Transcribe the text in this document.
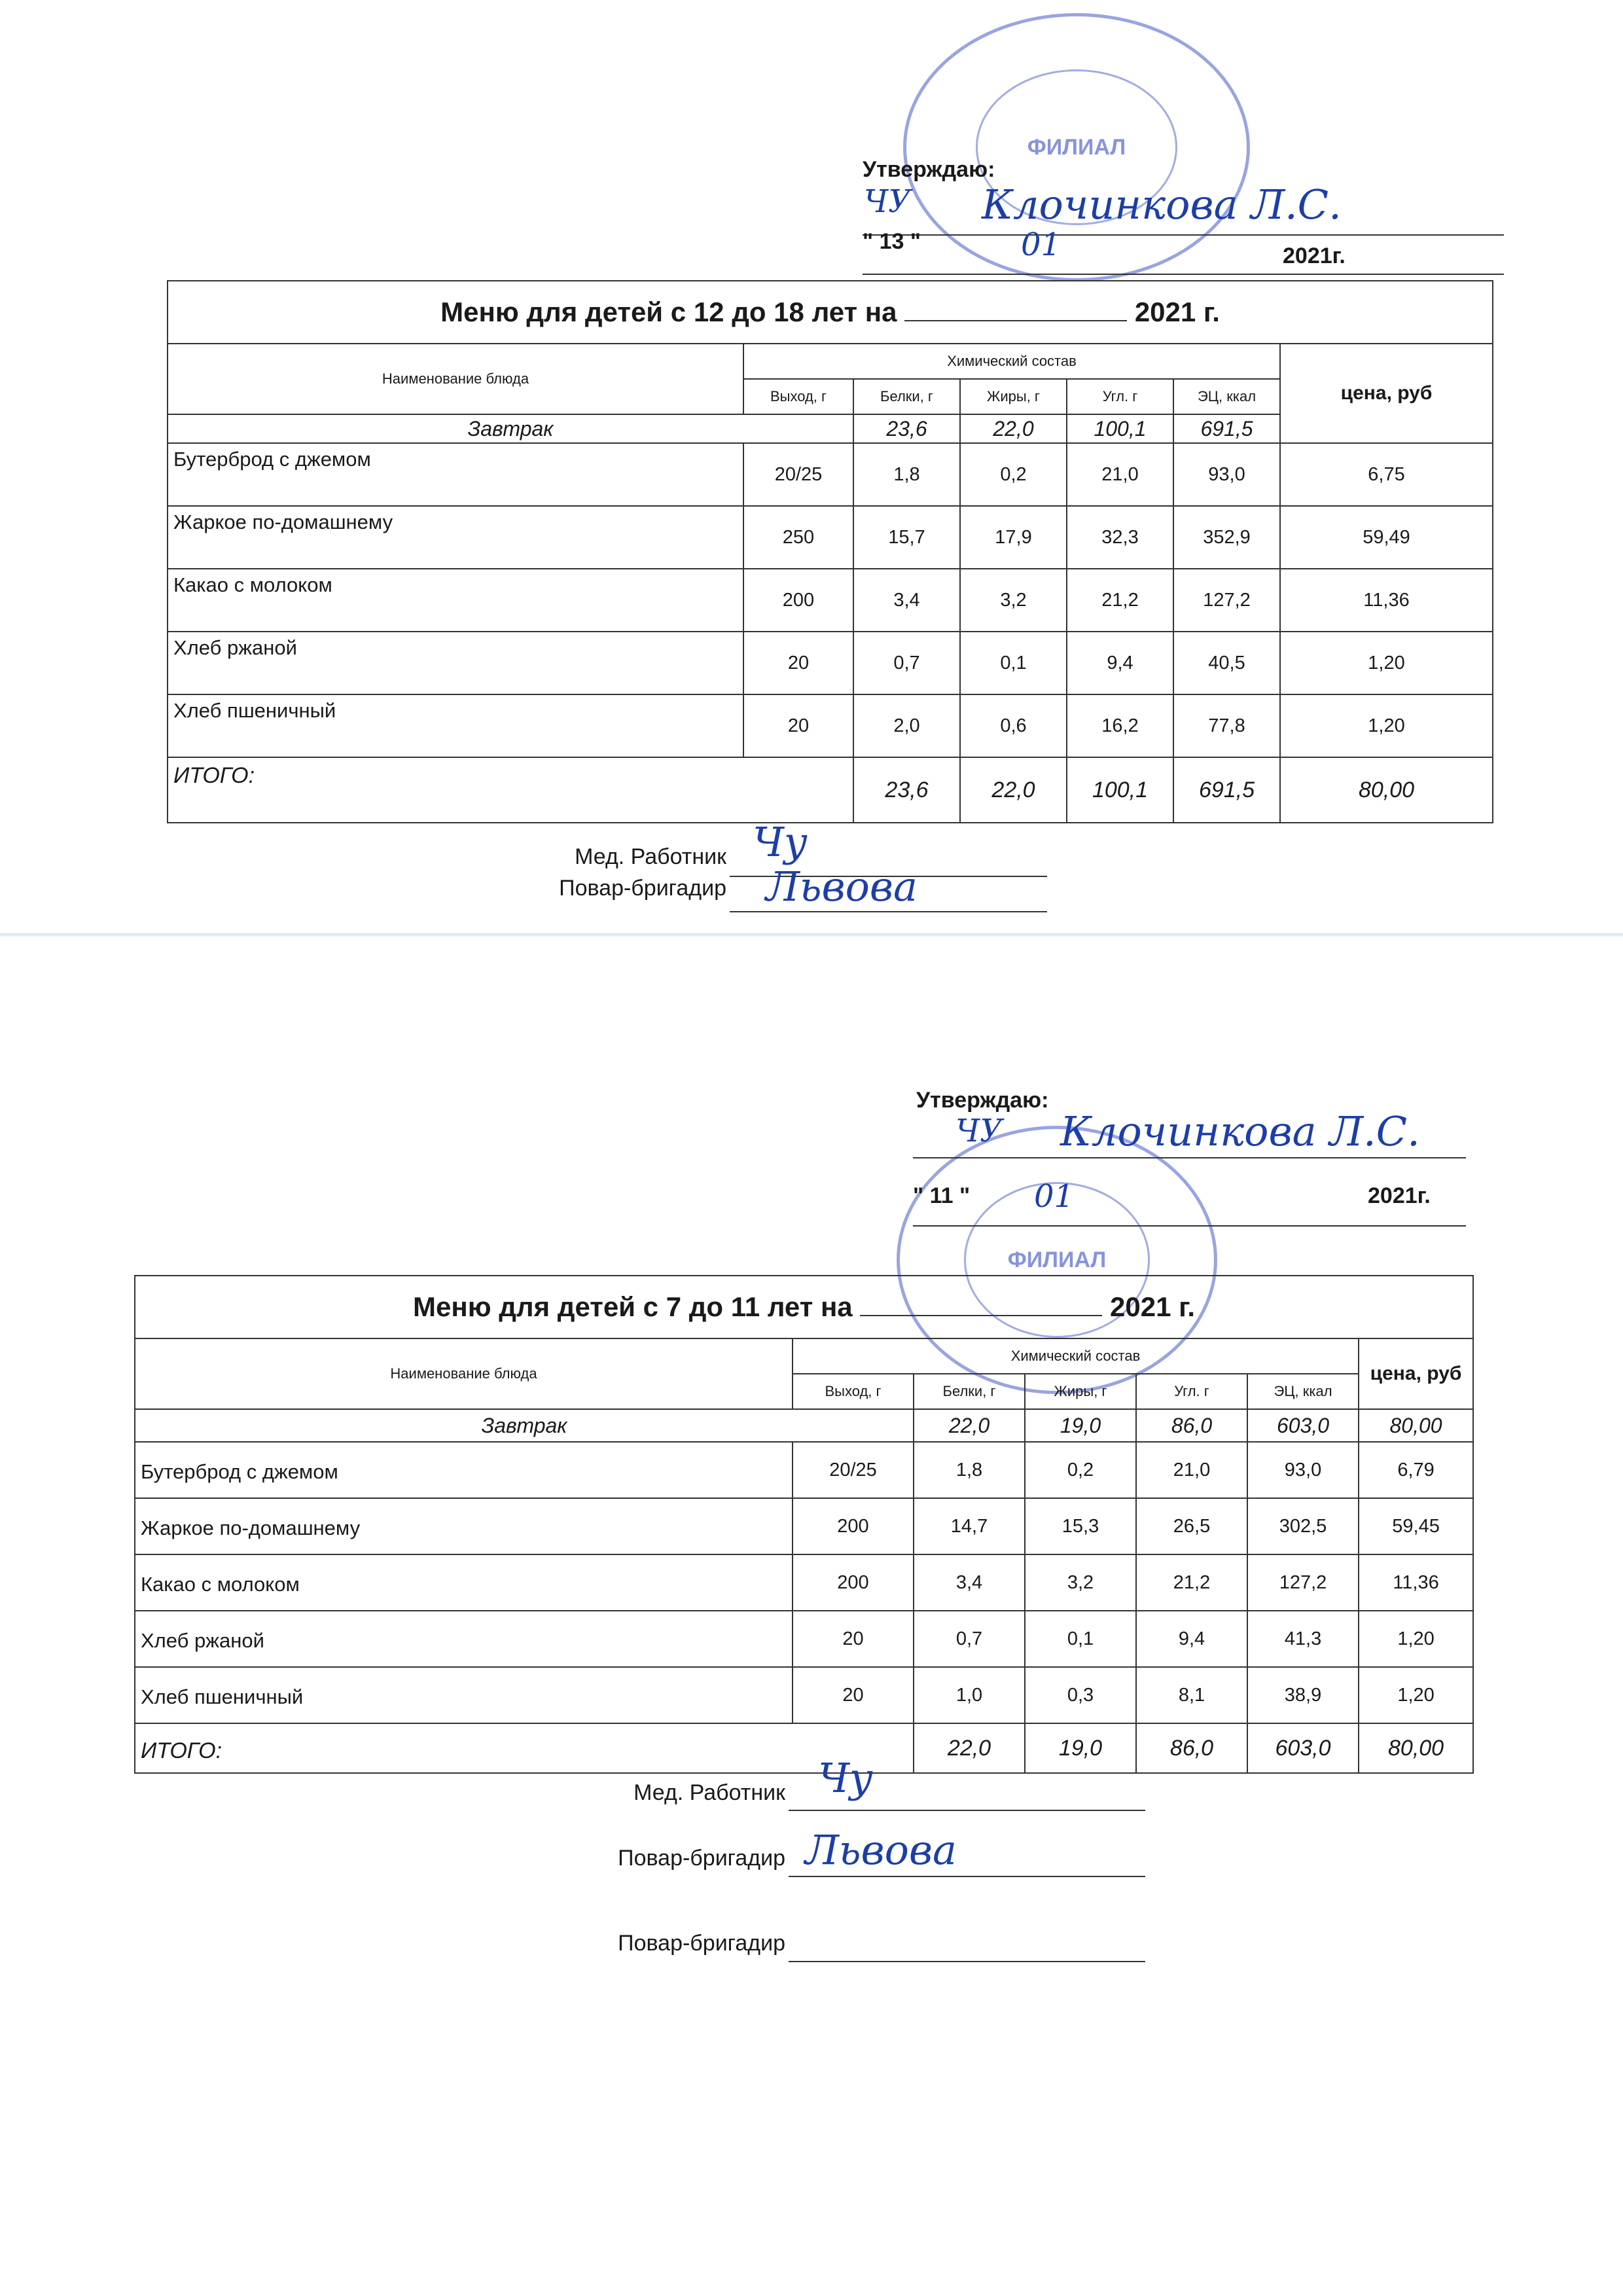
ФИЛИАЛ
Утверждаю:
ЧУ Клочинкова Л.С.
" 13 "	01	2021г.
Меню для детей с 12 до 18 лет на 2021 г.						
Наименование блюда	Химический состав					цена, руб
	Выход, г	Белки, г	Жиры, г	Угл. г	ЭЦ, ккал	
Завтрак		23,6	22,0	100,1	691,5	
Бутерброд с джемом	20/25	1,8	0,2	21,0	93,0	6,75
Жаркое по-домашнему	250	15,7	17,9	32,3	352,9	59,49
Какао с молоком	200	3,4	3,2	21,2	127,2	11,36
Хлеб ржаной	20	0,7	0,1	9,4	40,5	1,20
Хлеб пшеничный	20	2,0	0,6	16,2	77,8	1,20
ИТОГО:		23,6	22,0	100,1	691,5	80,00
Мед. Работник Чу
Повар-бригадир Львова
ФИЛИАЛ
Утверждаю:
ЧУ Клочинкова Л.С.
" 11 " 01	2021г.
Меню для детей с 7 до 11 лет на 2021 г.						
Наименование блюда	Химический состав					цена, руб
	Выход, г	Белки, г	Жиры, г	Угл. г	ЭЦ, ккал	
Завтрак		22,0	19,0	86,0	603,0	80,00
Бутерброд с джемом	20/25	1,8	0,2	21,0	93,0	6,79
Жаркое по-домашнему	200	14,7	15,3	26,5	302,5	59,45
Какао с молоком	200	3,4	3,2	21,2	127,2	11,36
Хлеб ржаной	20	0,7	0,1	9,4	41,3	1,20
Хлеб пшеничный	20	1,0	0,3	8,1	38,9	1,20
ИТОГО:		22,0	19,0	86,0	603,0	80,00
Мед. Работник Чу
Повар-бригадир Львова
Повар-бригадир
